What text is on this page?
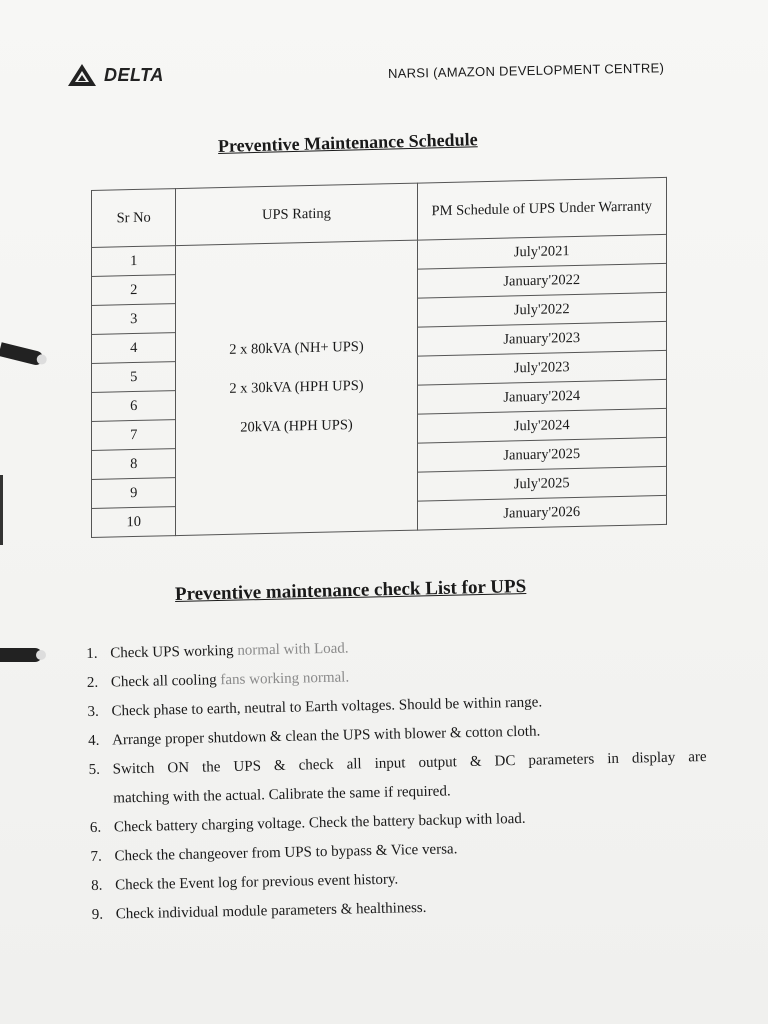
DELTA	NARSI (AMAZON DEVELOPMENT CENTRE)
Preventive Maintenance Schedule
Sr No	UPS Rating	PM Schedule of UPS Under Warranty
1	2 x 80kVA (NH+ UPS)
2 x 30kVA (HPH UPS)
20kVA (HPH UPS)	July'2021
2		January'2022
3		July'2022
4		January'2023
5		July'2023
6		January'2024
7		July'2024
8		January'2025
9		July'2025
10		January'2026
Preventive maintenance check List for UPS
1. Check UPS working normal with Load.
2. Check all cooling fans working normal.
3. Check phase to earth, neutral to Earth voltages. Should be within range.
4. Arrange proper shutdown & clean the UPS with blower & cotton cloth.
5. Switch ON the UPS & check all input output & DC parameters in display are
matching with the actual. Calibrate the same if required.
6. Check battery charging voltage. Check the battery backup with load.
7. Check the changeover from UPS to bypass & Vice versa.
8. Check the Event log for previous event history.
9. Check individual module parameters & healthiness.
